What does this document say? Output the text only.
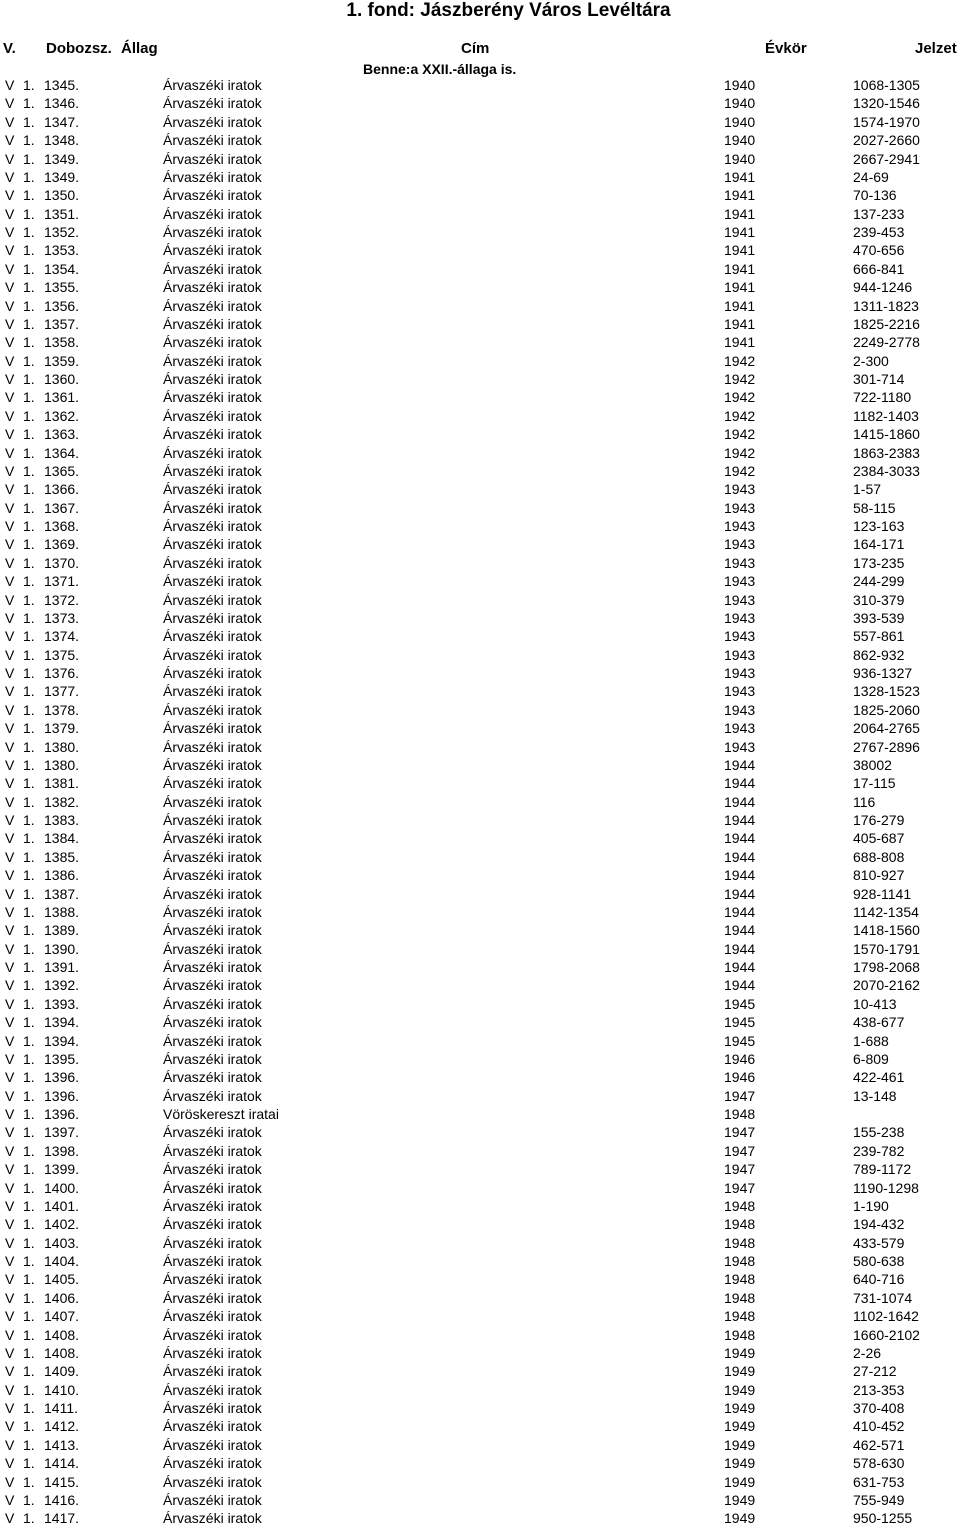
1. fond: Jászberény Város Levéltára
V. Dobozsz. Állag	Cím	Évkör	Jelzet
Benne:a XXII.-állaga is.
V 1. 1345.	Árvaszéki iratok	1940	1068-1305
V 1. 1346.	Árvaszéki iratok	1940	1320-1546
V 1. 1347.	Árvaszéki iratok	1940	1574-1970
V 1. 1348.	Árvaszéki iratok	1940	2027-2660
V 1. 1349.	Árvaszéki iratok	1940	2667-2941
V 1. 1349.	Árvaszéki iratok	1941	24-69
V 1. 1350.	Árvaszéki iratok	1941	70-136
V 1. 1351.	Árvaszéki iratok	1941	137-233
V 1. 1352.	Árvaszéki iratok	1941	239-453
V 1. 1353.	Árvaszéki iratok	1941	470-656
V 1. 1354.	Árvaszéki iratok	1941	666-841
V 1. 1355.	Árvaszéki iratok	1941	944-1246
V 1. 1356.	Árvaszéki iratok	1941	1311-1823
V 1. 1357.	Árvaszéki iratok	1941	1825-2216
V 1. 1358.	Árvaszéki iratok	1941	2249-2778
V 1. 1359.	Árvaszéki iratok	1942	2-300
V 1. 1360.	Árvaszéki iratok	1942	301-714
V 1. 1361.	Árvaszéki iratok	1942	722-1180
V 1. 1362.	Árvaszéki iratok	1942	1182-1403
V 1. 1363.	Árvaszéki iratok	1942	1415-1860
V 1. 1364.	Árvaszéki iratok	1942	1863-2383
V 1. 1365.	Árvaszéki iratok	1942	2384-3033
V 1. 1366.	Árvaszéki iratok	1943	1-57
V 1. 1367.	Árvaszéki iratok	1943	58-115
V 1. 1368.	Árvaszéki iratok	1943	123-163
V 1. 1369.	Árvaszéki iratok	1943	164-171
V 1. 1370.	Árvaszéki iratok	1943	173-235
V 1. 1371.	Árvaszéki iratok	1943	244-299
V 1. 1372.	Árvaszéki iratok	1943	310-379
V 1. 1373.	Árvaszéki iratok	1943	393-539
V 1. 1374.	Árvaszéki iratok	1943	557-861
V 1. 1375.	Árvaszéki iratok	1943	862-932
V 1. 1376.	Árvaszéki iratok	1943	936-1327
V 1. 1377.	Árvaszéki iratok	1943	1328-1523
V 1. 1378.	Árvaszéki iratok	1943	1825-2060
V 1. 1379.	Árvaszéki iratok	1943	2064-2765
V 1. 1380.	Árvaszéki iratok	1943	2767-2896
V 1. 1380.	Árvaszéki iratok	1944	38002
V 1. 1381.	Árvaszéki iratok	1944	17-115
V 1. 1382.	Árvaszéki iratok	1944	116
V 1. 1383.	Árvaszéki iratok	1944	176-279
V 1. 1384.	Árvaszéki iratok	1944	405-687
V 1. 1385.	Árvaszéki iratok	1944	688-808
V 1. 1386.	Árvaszéki iratok	1944	810-927
V 1. 1387.	Árvaszéki iratok	1944	928-1141
V 1. 1388.	Árvaszéki iratok	1944	1142-1354
V 1. 1389.	Árvaszéki iratok	1944	1418-1560
V 1. 1390.	Árvaszéki iratok	1944	1570-1791
V 1. 1391.	Árvaszéki iratok	1944	1798-2068
V 1. 1392.	Árvaszéki iratok	1944	2070-2162
V 1. 1393.	Árvaszéki iratok	1945	10-413
V 1. 1394.	Árvaszéki iratok	1945	438-677
V 1. 1394.	Árvaszéki iratok	1945	1-688
V 1. 1395.	Árvaszéki iratok	1946	6-809
V 1. 1396.	Árvaszéki iratok	1946	422-461
V 1. 1396.	Árvaszéki iratok	1947	13-148
V 1. 1396.	Vöröskereszt iratai	1948
V 1. 1397.	Árvaszéki iratok	1947	155-238
V 1. 1398.	Árvaszéki iratok	1947	239-782
V 1. 1399.	Árvaszéki iratok	1947	789-1172
V 1. 1400.	Árvaszéki iratok	1947	1190-1298
V 1. 1401.	Árvaszéki iratok	1948	1-190
V 1. 1402.	Árvaszéki iratok	1948	194-432
V 1. 1403.	Árvaszéki iratok	1948	433-579
V 1. 1404.	Árvaszéki iratok	1948	580-638
V 1. 1405.	Árvaszéki iratok	1948	640-716
V 1. 1406.	Árvaszéki iratok	1948	731-1074
V 1. 1407.	Árvaszéki iratok	1948	1102-1642
V 1. 1408.	Árvaszéki iratok	1948	1660-2102
V 1. 1408.	Árvaszéki iratok	1949	2-26
V 1. 1409.	Árvaszéki iratok	1949	27-212
V 1. 1410.	Árvaszéki iratok	1949	213-353
V 1. 1411.	Árvaszéki iratok	1949	370-408
V 1. 1412.	Árvaszéki iratok	1949	410-452
V 1. 1413.	Árvaszéki iratok	1949	462-571
V 1. 1414.	Árvaszéki iratok	1949	578-630
V 1. 1415.	Árvaszéki iratok	1949	631-753
V 1. 1416.	Árvaszéki iratok	1949	755-949
V 1. 1417.	Árvaszéki iratok	1949	950-1255
